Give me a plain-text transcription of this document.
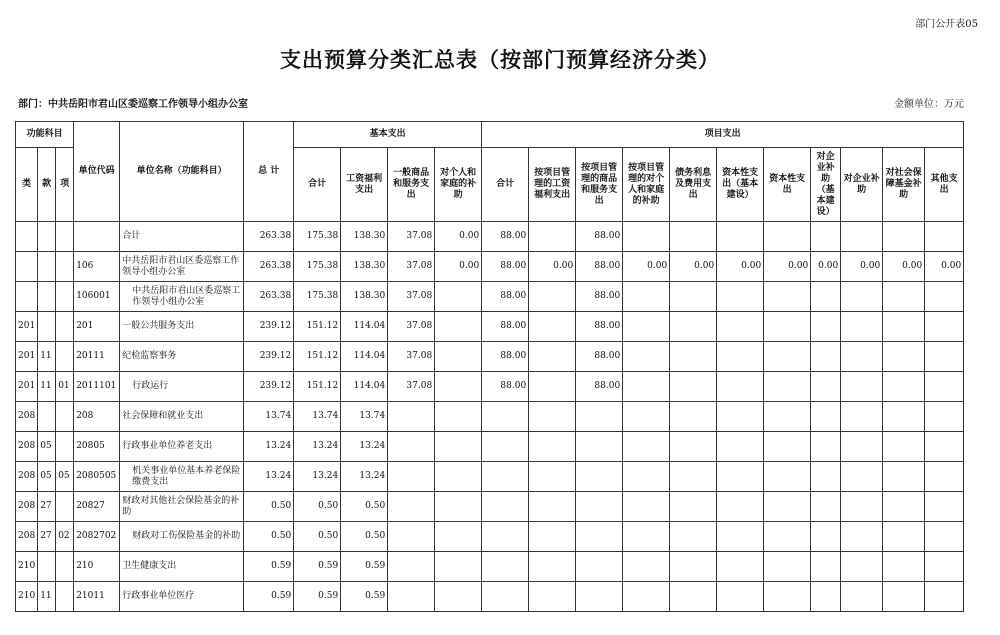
部门公开表05
支出预算分类汇总表（按部门预算经济分类）
部门：中共岳阳市君山区委巡察工作领导小组办公室	金额单位：万元
功能科目			单位代码	单位名称（功能科目）	总 计	基本支出				项目支出										
类	款	项				合计	工资福利支出	一般商品和服务支出	对个人和家庭的补助	合计	按项目管理的工资福利支出	按项目管理的商品和服务支出	按项目管理的对个人和家庭的补助	债务利息及费用支出	资本性支出（基本建设）	资本性支出	对企业补助（基本建设）	对企业补助	对社会保障基金补助	其他支出
				合计	263.38	175.38	138.30	37.08	0.00	88.00		88.00								
			106	中共岳阳市君山区委巡察工作领导小组办公室	263.38	175.38	138.30	37.08	0.00	88.00	0.00	88.00	0.00	0.00	0.00	0.00	0.00	0.00	0.00	0.00
			106001	中共岳阳市君山区委巡察工作领导小组办公室	263.38	175.38	138.30	37.08		88.00		88.00								
201			201	一般公共服务支出	239.12	151.12	114.04	37.08		88.00		88.00								
201	11		20111	纪检监察事务	239.12	151.12	114.04	37.08		88.00		88.00								
201	11	01	2011101	行政运行	239.12	151.12	114.04	37.08		88.00		88.00								
208			208	社会保障和就业支出	13.74	13.74	13.74													
208	05		20805	行政事业单位养老支出	13.24	13.24	13.24													
208	05	05	2080505	机关事业单位基本养老保险缴费支出	13.24	13.24	13.24													
208	27		20827	财政对其他社会保险基金的补助	0.50	0.50	0.50													
208	27	02	2082702	财政对工伤保险基金的补助	0.50	0.50	0.50													
210			210	卫生健康支出	0.59	0.59	0.59													
210	11		21011	行政事业单位医疗	0.59	0.59	0.59													
